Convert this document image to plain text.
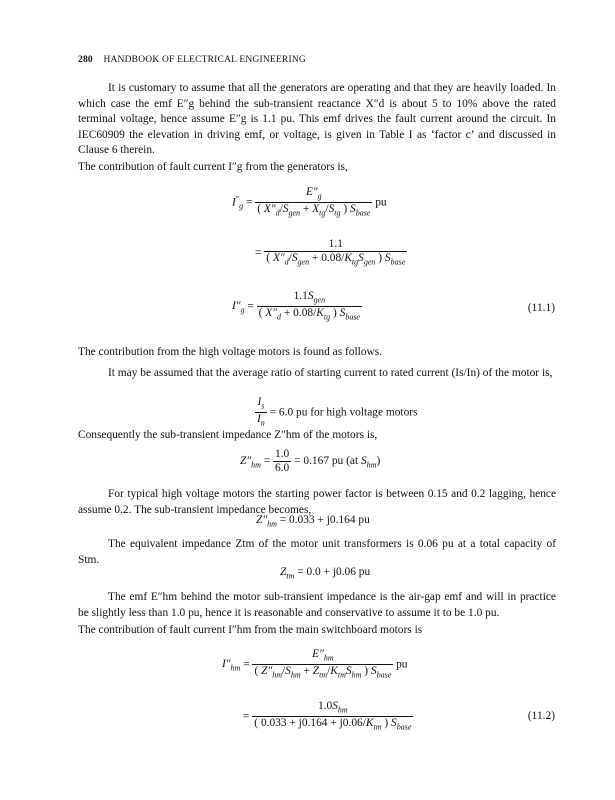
280 HANDBOOK OF ELECTRICAL ENGINEERING

It is customary to assume that all the generators are operating and that they are heavily loaded. In which case the emf E″g behind the sub-transient reactance X″d is about 5 to 10% above the rated terminal voltage, hence assume E″g is 1.1 pu. This emf drives the fault current around the circuit. In IEC60909 the elevation in driving emf, or voltage, is given in Table I as ‘factor c’ and discussed in Clause 6 therein.

The contribution of fault current I″g from the generators is,

$I''_g = \frac{E''_g}{( X''_d/S_{gen} + X_{tg}/S_{tg} ) S_{base}}$ pu
= $\frac{1.1}{( X''_d/S_{gen} + 0.08/K_{tg}S_{gen} ) S_{base}}$
$I''_g = \frac{1.1S_{gen}}{( X''_d + 0.08/K_{tg} ) S_{base}}$	(11.1)

The contribution from the high voltage motors is found as follows.

It may be assumed that the average ratio of starting current to rated current (Is/In) of the motor is,

$\frac{I_s}{I_n} = 6.0$ pu for high voltage motors

Consequently the sub-transient impedance Z″hm of the motors is,

$Z''_{hm} = \frac{1.0}{6.0} = 0.167$ pu (at $S_{hm}$)

For typical high voltage motors the starting power factor is between 0.15 and 0.2 lagging, hence assume 0.2. The sub-transient impedance becomes,

$Z''_{hm} = 0.033 + j0.164$ pu

The equivalent impedance Ztm of the motor unit transformers is 0.06 pu at a total capacity of Stm.

$Z_{tm} = 0.0 + j0.06$ pu

The emf E″hm behind the motor sub-transient impedance is the air-gap emf and will in practice be slightly less than 1.0 pu, hence it is reasonable and conservative to assume it to be 1.0 pu.

The contribution of fault current I″hm from the main switchboard motors is

$I''_{hm} = \frac{E''_{hm}}{( Z''_{hm}/S_{hm} + Z_{tm}/K_{tm}S_{hm} ) S_{base}}$ pu
= $\frac{1.0S_{hm}}{( 0.033 + j0.164 + j0.06/K_{tm} ) S_{base}}$	(11.2)
